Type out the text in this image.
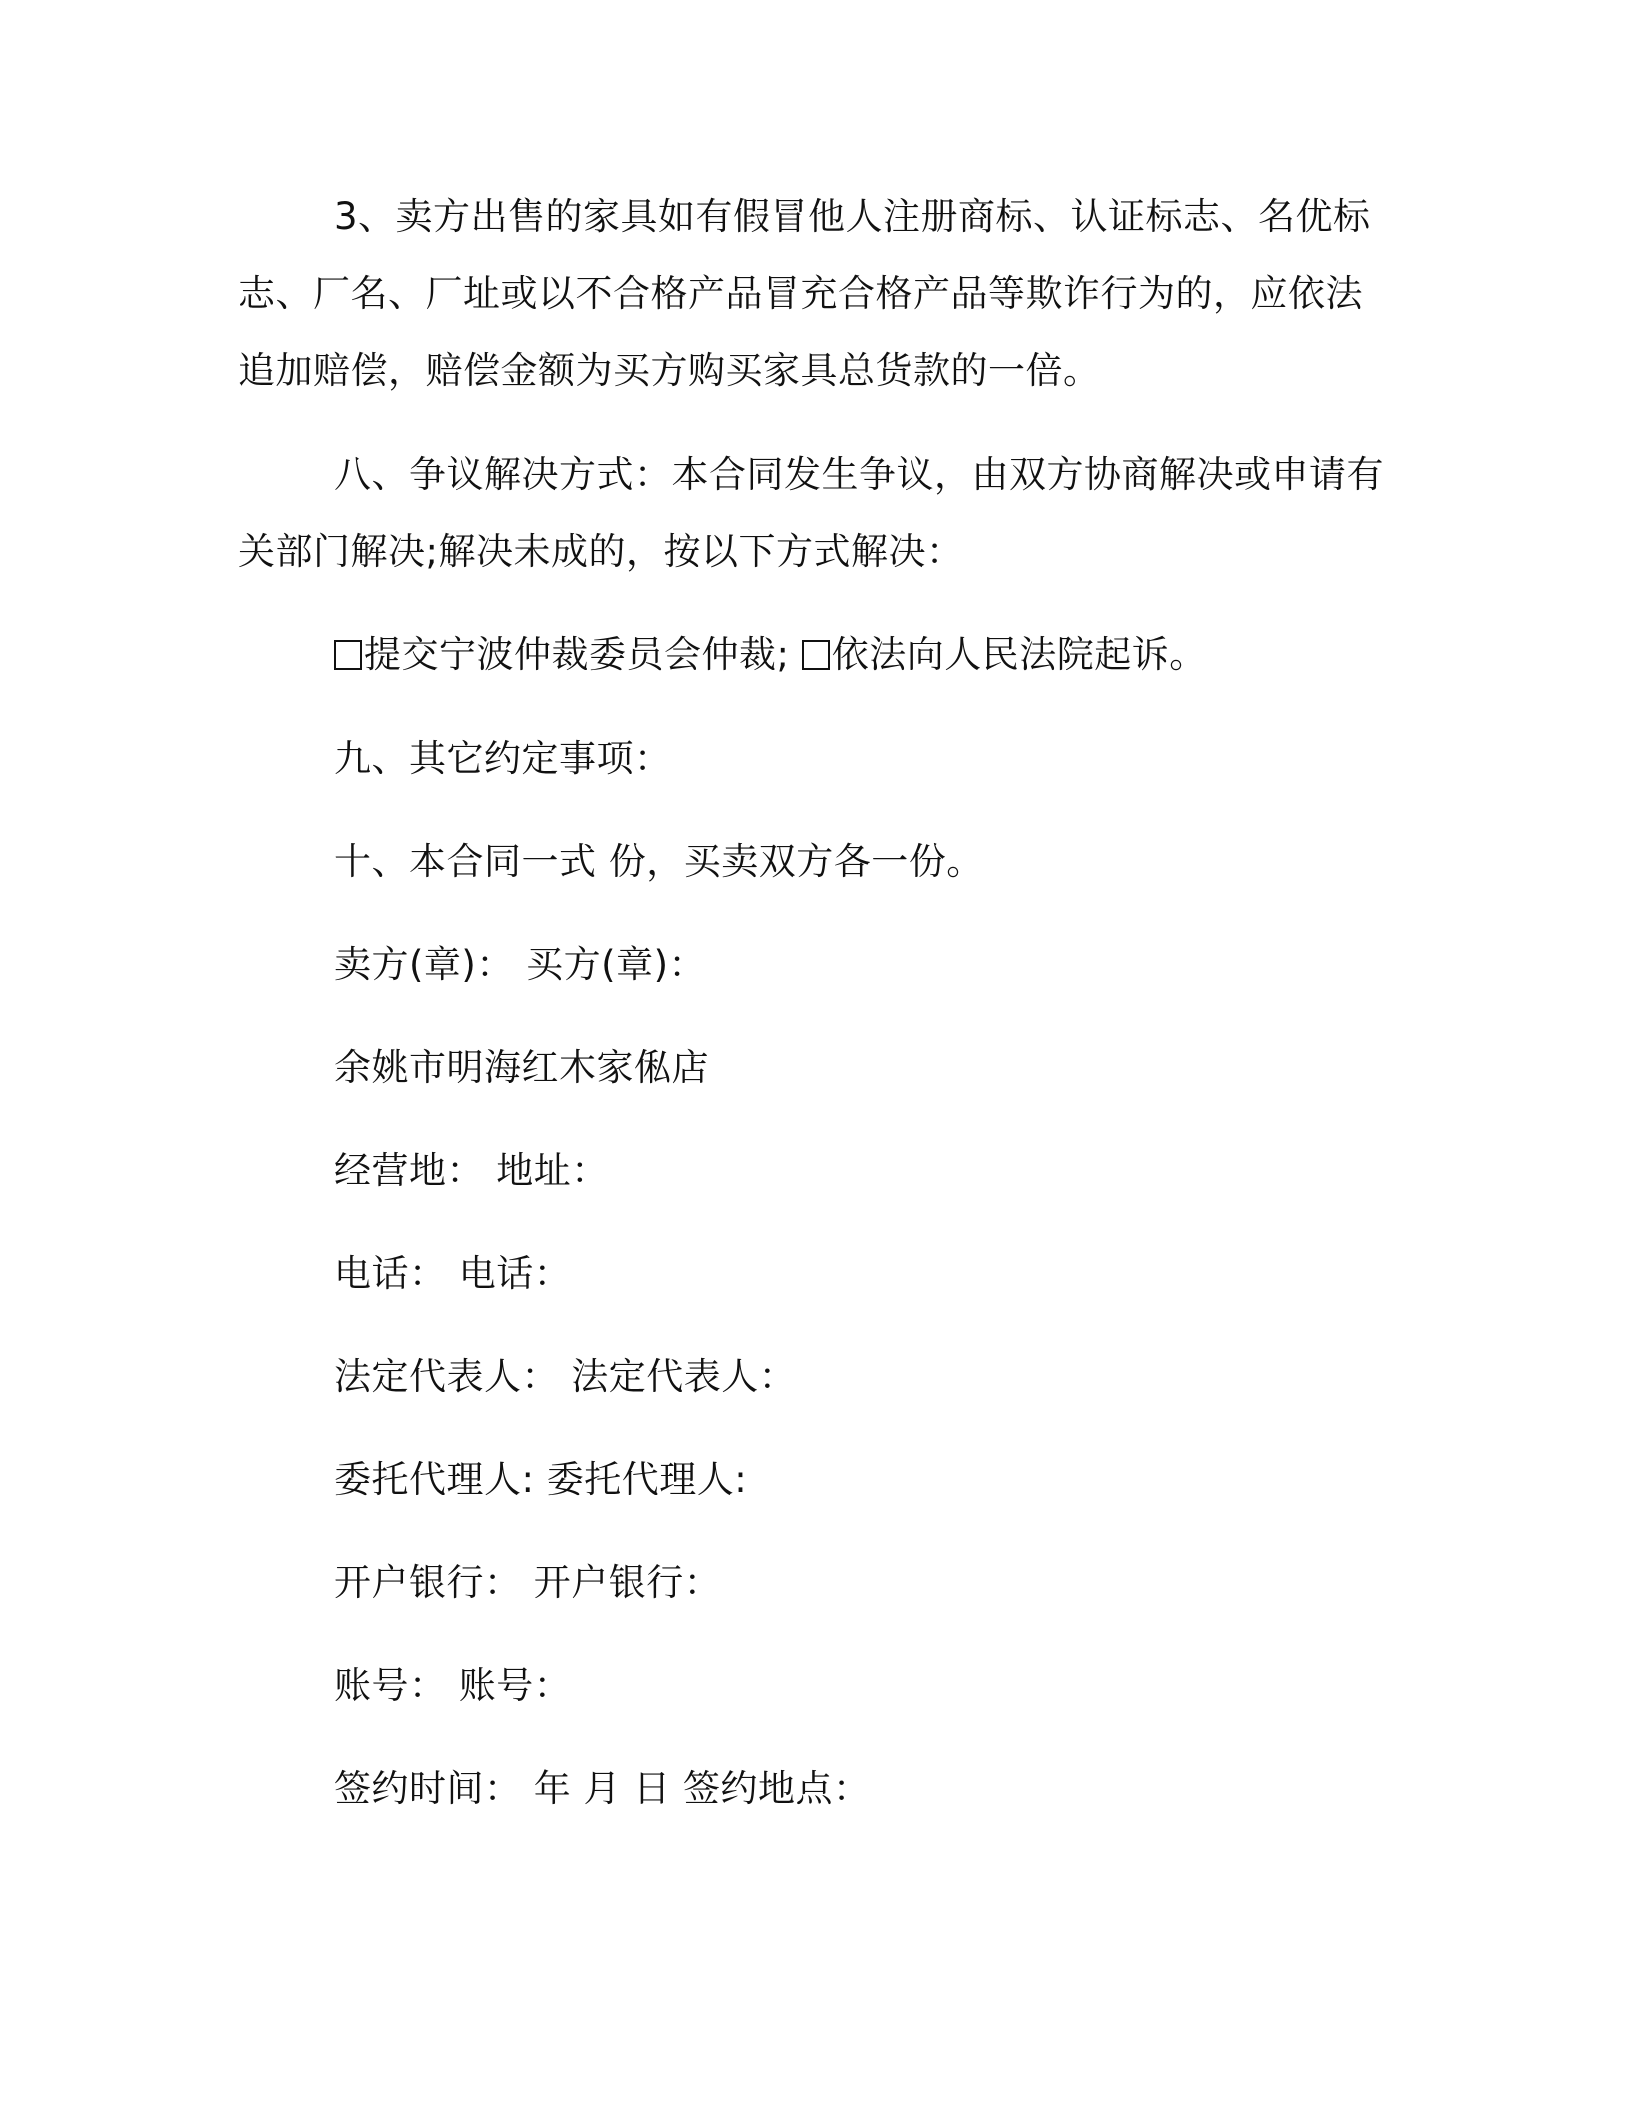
3、卖方出售的家具如有假冒他人注册商标、认证标志、名优标志、厂名、厂址或以不合格产品冒充合格产品等欺诈行为的，应依法追加赔偿，赔偿金额为买方购买家具总货款的一倍。

八、争议解决方式：本合同发生争议，由双方协商解决或申请有关部门解决;解决未成的，按以下方式解决：

提交宁波仲裁委员会仲裁; 依法向人民法院起诉。

九、其它约定事项：

十、本合同一式 份，买卖双方各一份。

卖方(章)： 买方(章)：

余姚市明海红木家俬店

经营地： 地址：

电话： 电话：

法定代表人： 法定代表人：

委托代理人: 委托代理人:

开户银行： 开户银行：

账号： 账号：

签约时间： 年 月 日 签约地点：
